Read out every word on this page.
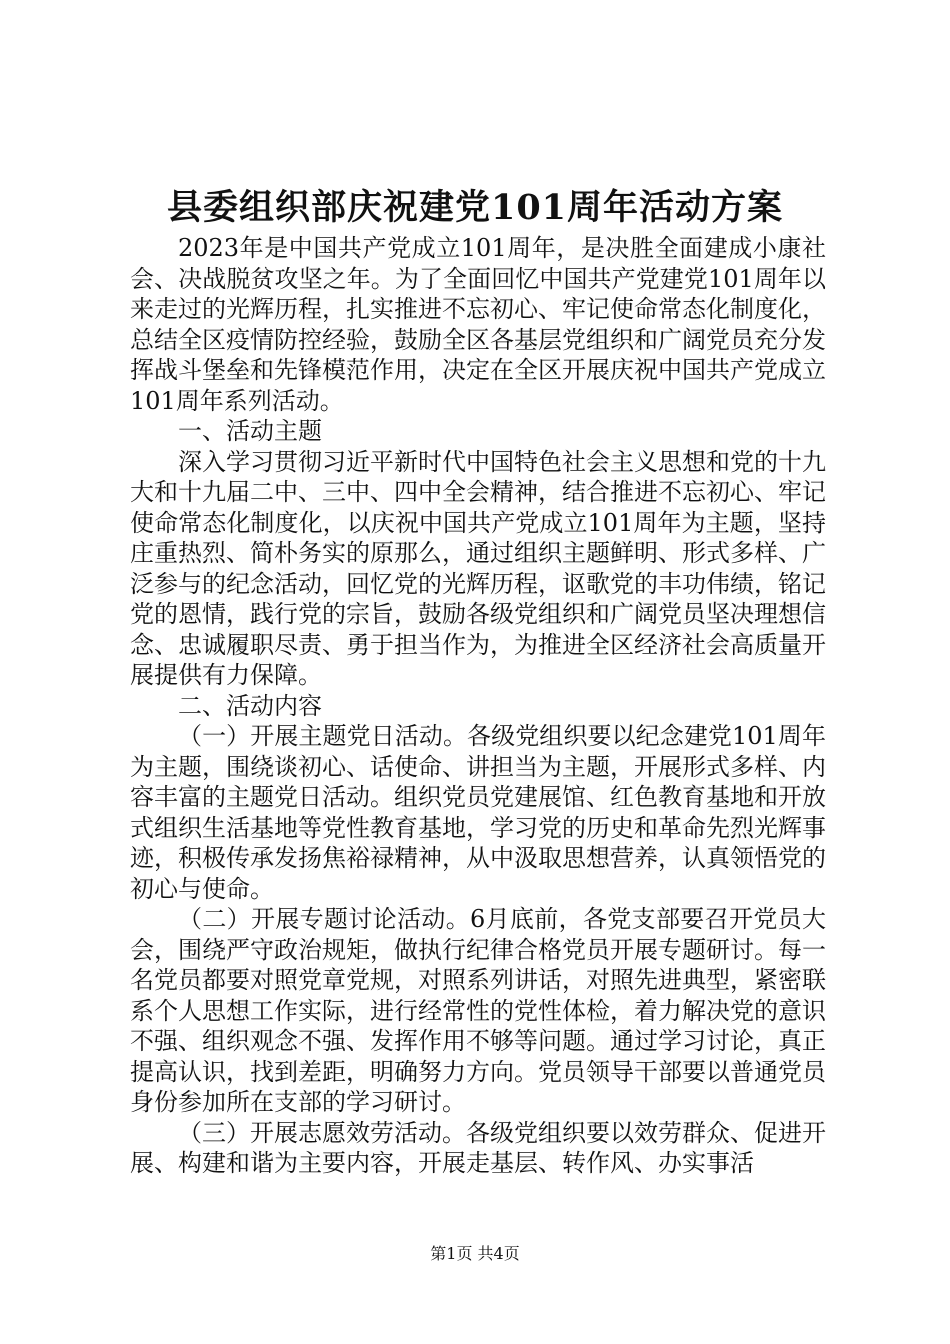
县委组织部庆祝建党101周年活动方案

2023年是中国共产党成立101周年，是决胜全面建成小康社会、决战脱贫攻坚之年。为了全面回忆中国共产党建党101周年以来走过的光辉历程，扎实推进不忘初心、牢记使命常态化制度化，总结全区疫情防控经验，鼓励全区各基层党组织和广阔党员充分发挥战斗堡垒和先锋模范作用，决定在全区开展庆祝中国共产党成立101周年系列活动。

一、活动主题

深入学习贯彻习近平新时代中国特色社会主义思想和党的十九大和十九届二中、三中、四中全会精神，结合推进不忘初心、牢记使命常态化制度化，以庆祝中国共产党成立101周年为主题，坚持庄重热烈、简朴务实的原那么，通过组织主题鲜明、形式多样、广泛参与的纪念活动，回忆党的光辉历程，讴歌党的丰功伟绩，铭记党的恩情，践行党的宗旨，鼓励各级党组织和广阔党员坚决理想信念、忠诚履职尽责、勇于担当作为，为推进全区经济社会高质量开展提供有力保障。

二、活动内容

（一）开展主题党日活动。各级党组织要以纪念建党101周年为主题，围绕谈初心、话使命、讲担当为主题，开展形式多样、内容丰富的主题党日活动。组织党员党建展馆、红色教育基地和开放式组织生活基地等党性教育基地，学习党的历史和革命先烈光辉事迹，积极传承发扬焦裕禄精神，从中汲取思想营养，认真领悟党的初心与使命。

（二）开展专题讨论活动。6月底前，各党支部要召开党员大会，围绕严守政治规矩，做执行纪律合格党员开展专题研讨。每一名党员都要对照党章党规，对照系列讲话，对照先进典型，紧密联系个人思想工作实际，进行经常性的党性体检，着力解决党的意识不强、组织观念不强、发挥作用不够等问题。通过学习讨论，真正提高认识，找到差距，明确努力方向。党员领导干部要以普通党员身份参加所在支部的学习研讨。

（三）开展志愿效劳活动。各级党组织要以效劳群众、促进开展、构建和谐为主要内容，开展走基层、转作风、办实事活

第1页 共4页
